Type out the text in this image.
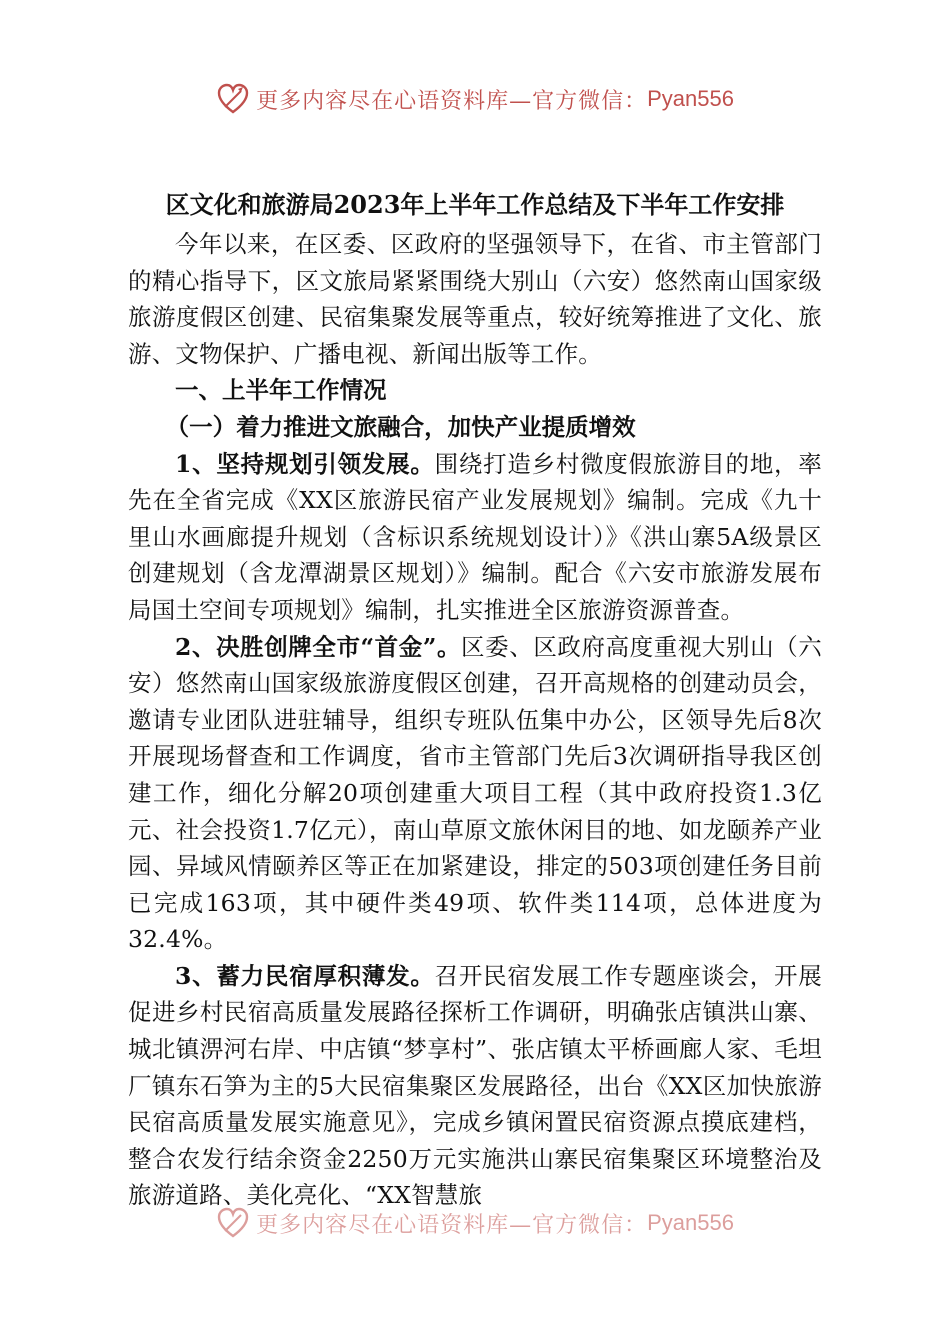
更多内容尽在心语资料库—官方微信： Pyan556
区文化和旅游局2023年上半年工作总结及下半年工作安排

今年以来，在区委、区政府的坚强领导下，在省、市主管部门的精心指导下，区文旅局紧紧围绕大别山（六安）悠然南山国家级旅游度假区创建、民宿集聚发展等重点，较好统筹推进了文化、旅游、文物保护、广播电视、新闻出版等工作。

一、上半年工作情况
（一）着力推进文旅融合，加快产业提质增效

1、坚持规划引领发展。围绕打造乡村微度假旅游目的地，率先在全省完成《XX区旅游民宿产业发展规划》编制。完成《九十里山水画廊提升规划（含标识系统规划设计）》《洪山寨5A级景区创建规划（含龙潭湖景区规划）》编制。配合《六安市旅游发展布局国土空间专项规划》编制，扎实推进全区旅游资源普查。

2、决胜创牌全市“首金”。区委、区政府高度重视大别山（六安）悠然南山国家级旅游度假区创建，召开高规格的创建动员会，邀请专业团队进驻辅导，组织专班队伍集中办公，区领导先后8次开展现场督查和工作调度，省市主管部门先后3次调研指导我区创建工作，细化分解20项创建重大项目工程（其中政府投资1.3亿元、社会投资1.7亿元），南山草原文旅休闲目的地、如龙颐养产业园、异域风情颐养区等正在加紧建设，排定的503项创建任务目前已完成163项，其中硬件类49项、软件类114项，总体进度为32.4%。

3、蓄力民宿厚积薄发。召开民宿发展工作专题座谈会，开展促进乡村民宿高质量发展路径探析工作调研，明确张店镇洪山寨、城北镇淠河右岸、中店镇“梦享村”、张店镇太平桥画廊人家、毛坦厂镇东石笋为主的5大民宿集聚区发展路径，出台《XX区加快旅游民宿高质量发展实施意见》，完成乡镇闲置民宿资源点摸底建档，整合农发行结余资金2250万元实施洪山寨民宿集聚区环境整治及旅游道路、美化亮化、“XX智慧旅

更多内容尽在心语资料库—官方微信： Pyan556
